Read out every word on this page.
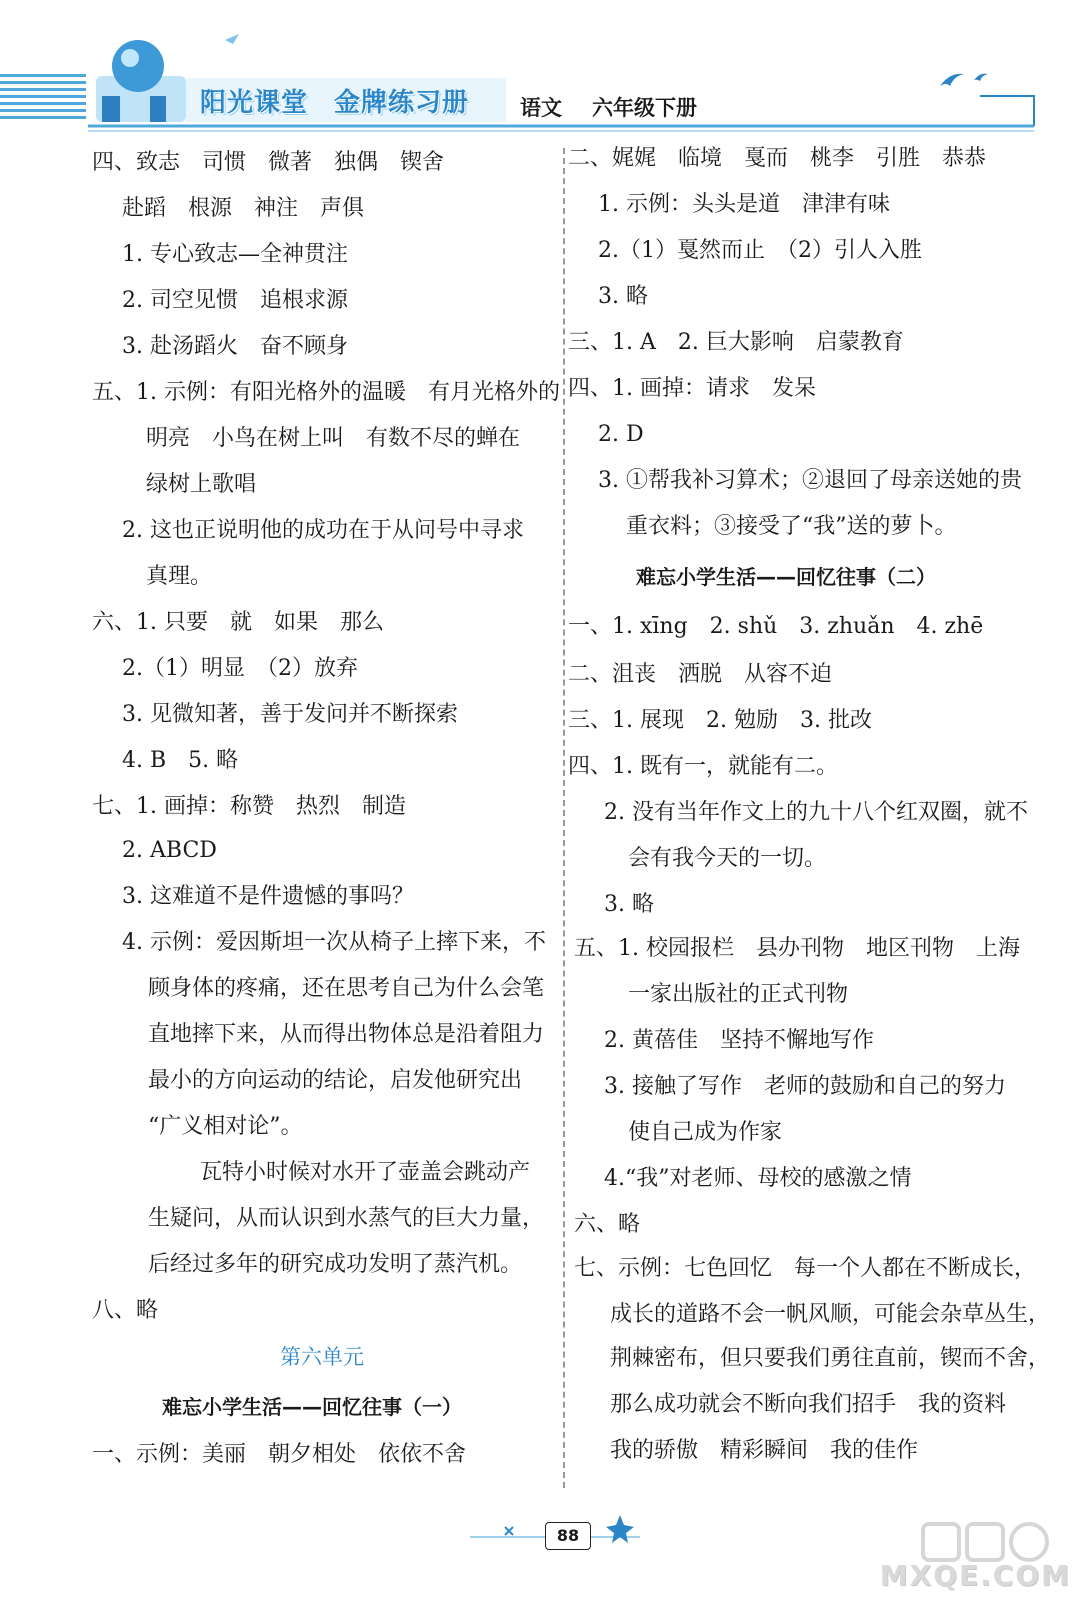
阳光课堂 金牌练习册 语文 六年级下册
四、致志　司惯　微著　独偶　锲舍
赴蹈　根源　神注　声俱
1. 专心致志—全神贯注
2. 司空见惯　追根求源
3. 赴汤蹈火　奋不顾身
五、1. 示例：有阳光格外的温暖　有月光格外的
明亮　小鸟在树上叫　有数不尽的蝉在
绿树上歌唱
2. 这也正说明他的成功在于从问号中寻求
真理。
六、1. 只要　就　如果　那么
2.（1）明显　（2）放弃
3. 见微知著，善于发问并不断探索
4. B　5. 略
七、1. 画掉：称赞　热烈　制造
2. ABCD
3. 这难道不是件遗憾的事吗？
4. 示例：爱因斯坦一次从椅子上摔下来，不
顾身体的疼痛，还在思考自己为什么会笔
直地摔下来，从而得出物体总是沿着阻力
最小的方向运动的结论，启发他研究出
“广义相对论”。
瓦特小时候对水开了壶盖会跳动产
生疑问，从而认识到水蒸气的巨大力量，
后经过多年的研究成功发明了蒸汽机。
八、略
第六单元
难忘小学生活——回忆往事（一）
一、示例：美丽　朝夕相处　依依不舍
二、娓娓　临境　戛而　桃李　引胜　恭恭
1. 示例：头头是道　津津有味
2.（1）戛然而止　（2）引人入胜
3. 略
三、1. A　2. 巨大影响　启蒙教育
四、1. 画掉：请求　发呆
2. D
3. ①帮我补习算术；②退回了母亲送她的贵
重衣料；③接受了“我”送的萝卜。
难忘小学生活——回忆往事（二）
一、1. xīng　2. shǔ　3. zhuǎn　4. zhē
二、沮丧　洒脱　从容不迫
三、1. 展现　2. 勉励　3. 批改
四、1. 既有一，就能有二。
2. 没有当年作文上的九十八个红双圈，就不
会有我今天的一切。
3. 略
五、1. 校园报栏　县办刊物　地区刊物　上海
一家出版社的正式刊物
2. 黄蓓佳　坚持不懈地写作
3. 接触了写作　老师的鼓励和自己的努力
使自己成为作家
4.“我”对老师、母校的感激之情
六、略
七、示例：七色回忆　每一个人都在不断成长，
成长的道路不会一帆风顺，可能会杂草丛生，
荆棘密布，但只要我们勇往直前，锲而不舍，
那么成功就会不断向我们招手　我的资料
我的骄傲　精彩瞬间　我的佳作
88
MXQE.COM
